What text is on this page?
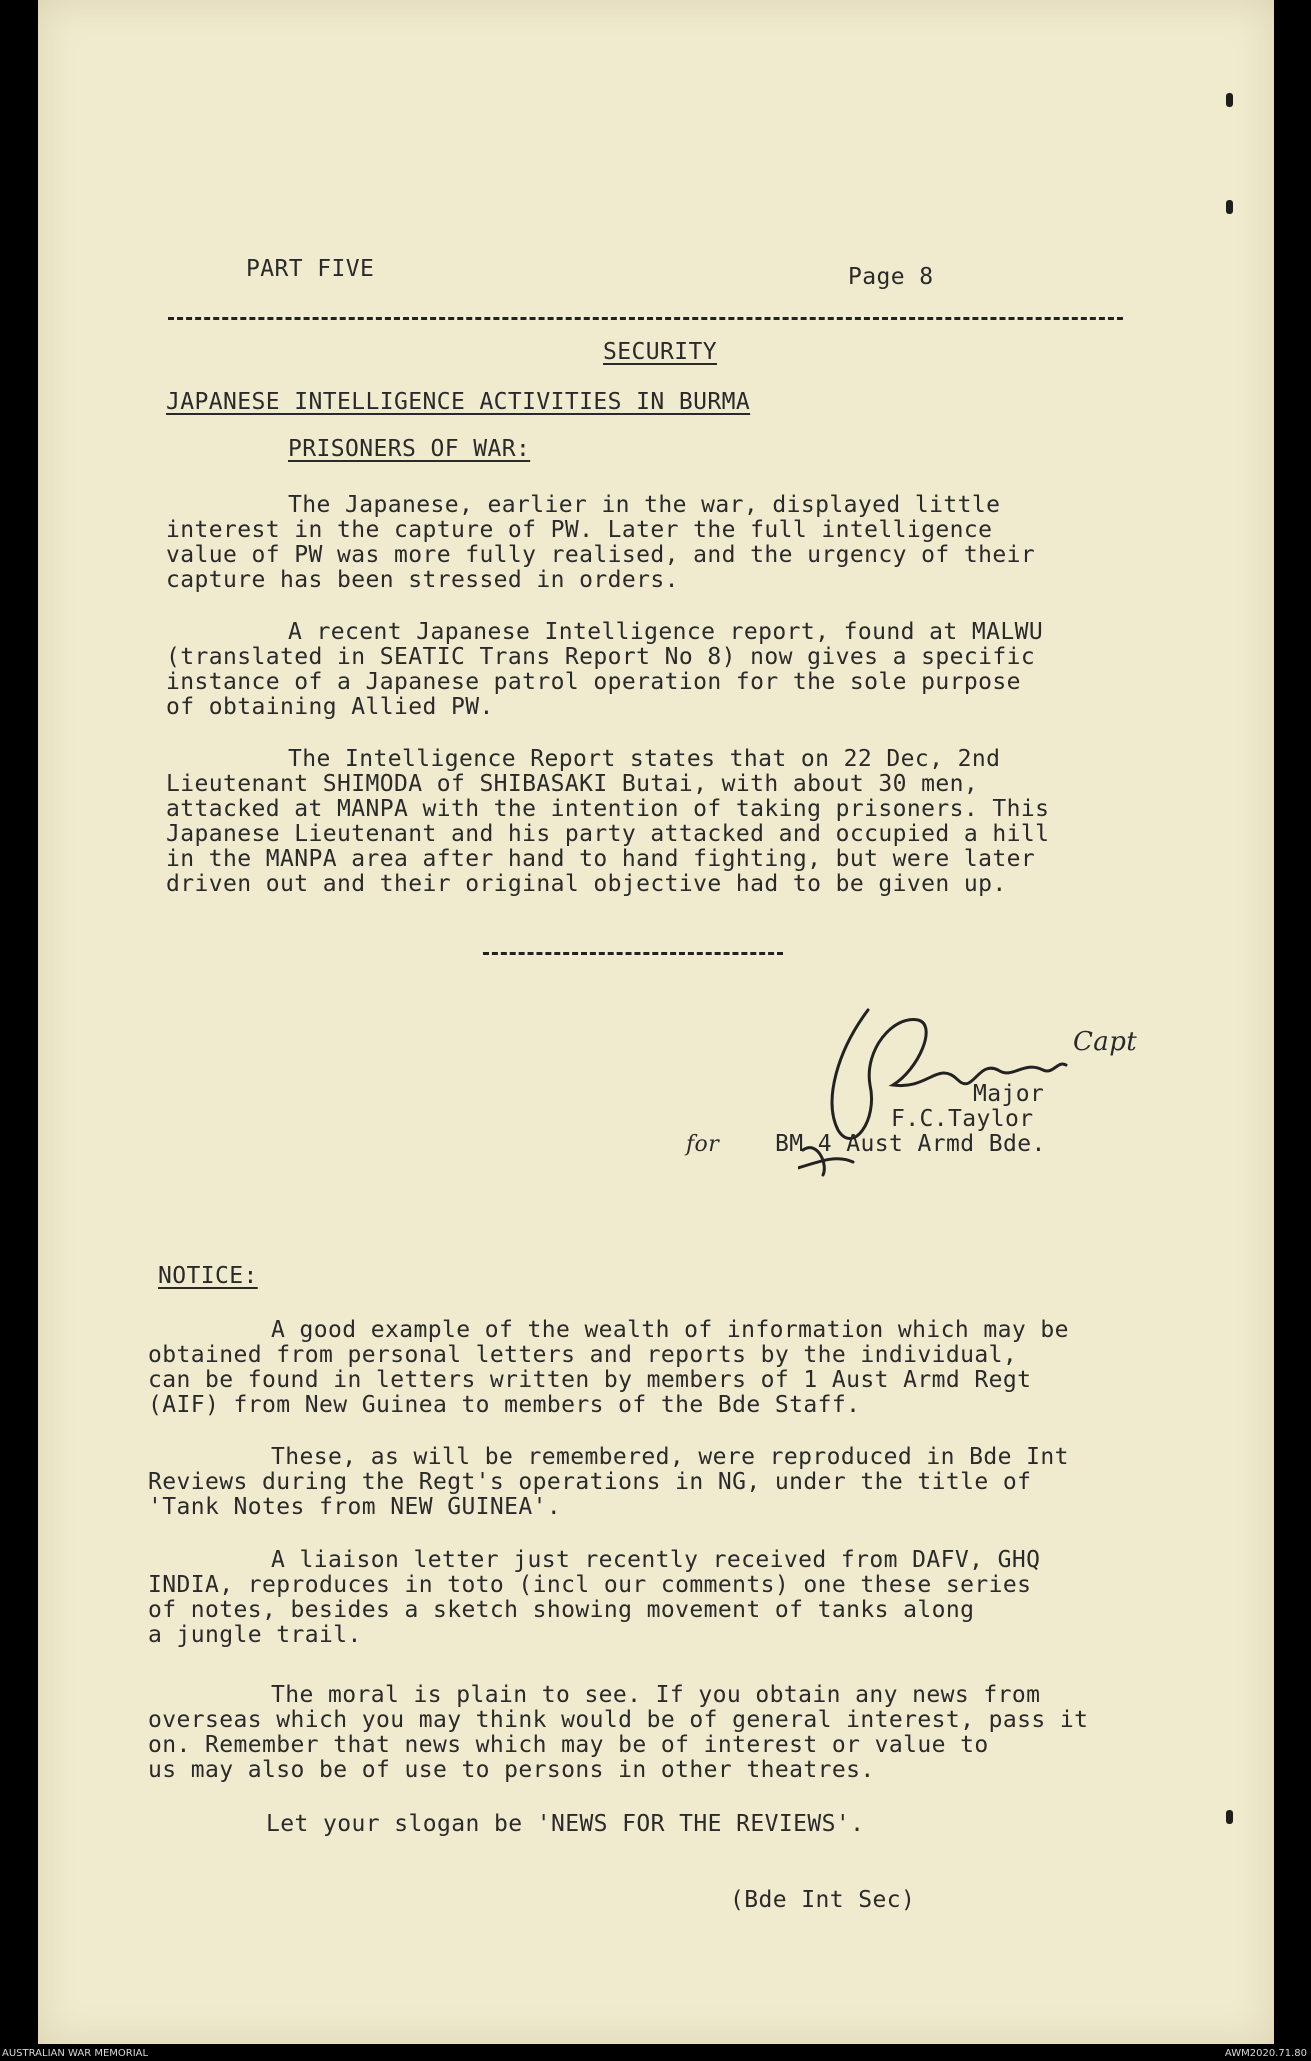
PART FIVE	Page 8
SECURITY
JAPANESE INTELLIGENCE ACTIVITIES IN BURMA
PRISONERS OF WAR:
The Japanese, earlier in the war, displayed little
interest in the capture of PW. Later the full intelligence
value of PW was more fully realised, and the urgency of their
capture has been stressed in orders.
A recent Japanese Intelligence report, found at MALWU
(translated in SEATIC Trans Report No 8) now gives a specific
instance of a Japanese patrol operation for the sole purpose
of obtaining Allied PW.
The Intelligence Report states that on 22 Dec, 2nd
Lieutenant SHIMODA of SHIBASAKI Butai, with about 30 men,
attacked at MANPA with the intention of taking prisoners. This
Japanese Lieutenant and his party attacked and occupied a hill
in the MANPA area after hand to hand fighting, but were later
driven out and their original objective had to be given up.
Capt
for
Major
F.C.Taylor
BM 4 Aust Armd Bde.
NOTICE:
A good example of the wealth of information which may be
obtained from personal letters and reports by the individual,
can be found in letters written by members of 1 Aust Armd Regt
(AIF) from New Guinea to members of the Bde Staff.
These, as will be remembered, were reproduced in Bde Int
Reviews during the Regt's operations in NG, under the title of
'Tank Notes from NEW GUINEA'.
A liaison letter just recently received from DAFV, GHQ
INDIA, reproduces in toto (incl our comments) one these series
of notes, besides a sketch showing movement of tanks along
a jungle trail.
The moral is plain to see. If you obtain any news from
overseas which you may think would be of general interest, pass it
on. Remember that news which may be of interest or value to
us may also be of use to persons in other theatres.
Let your slogan be 'NEWS FOR THE REVIEWS'.
(Bde Int Sec)
AUSTRALIAN WAR MEMORIAL	AWM2020.71.80
